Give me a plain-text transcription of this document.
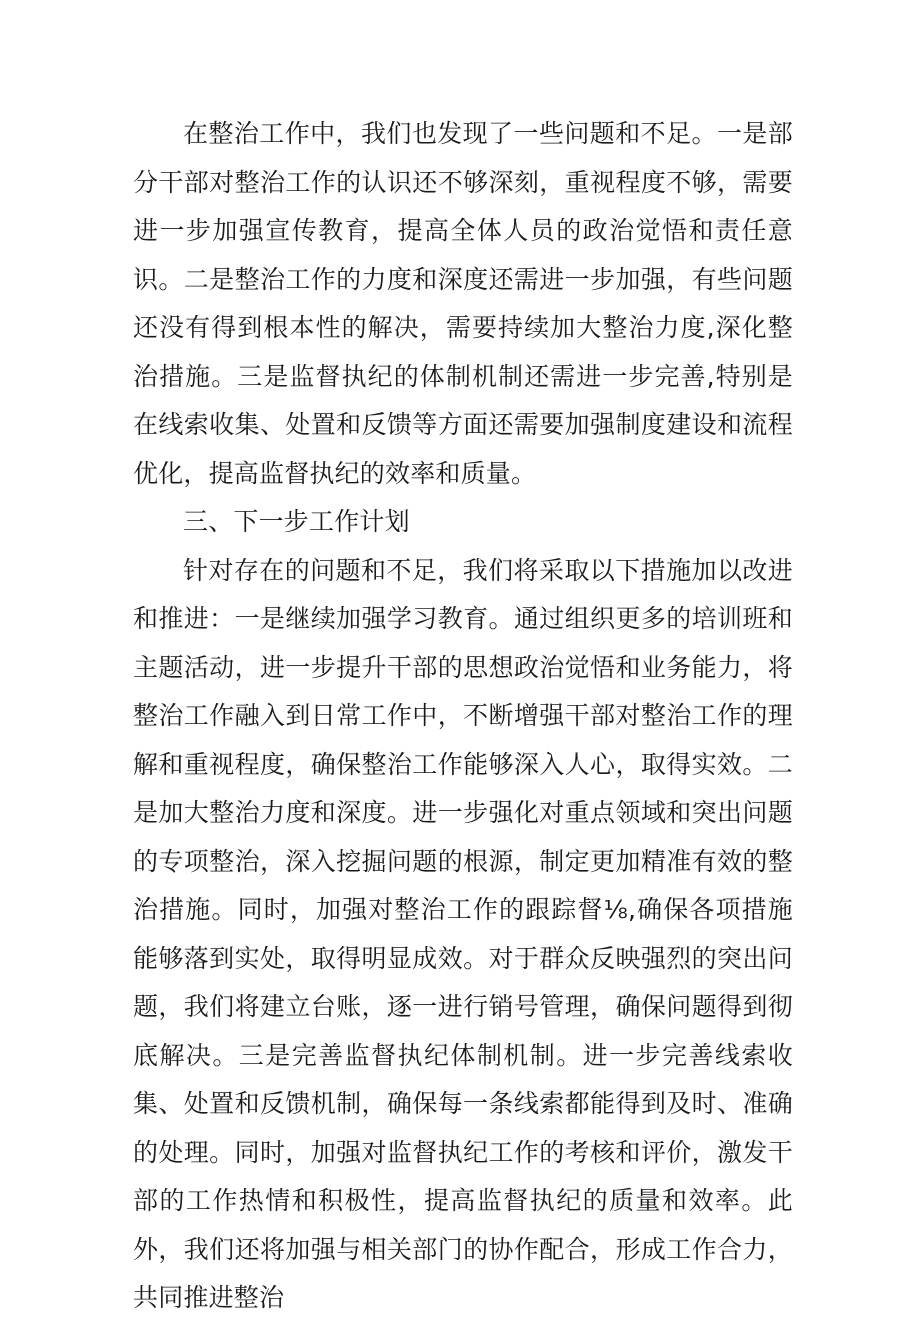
在整治工作中，我们也发现了一些问题和不足。一是部分干部对整治工作的认识还不够深刻，重视程度不够，需要进一步加强宣传教育，提高全体人员的政治觉悟和责任意识。二是整治工作的力度和深度还需进一步加强，有些问题还没有得到根本性的解决，需要持续加大整治力度,深化整治措施。三是监督执纪的体制机制还需进一步完善,特别是在线索收集、处置和反馈等方面还需要加强制度建设和流程优化，提高监督执纪的效率和质量。

三、下一步工作计划

针对存在的问题和不足，我们将采取以下措施加以改进和推进：一是继续加强学习教育。通过组织更多的培训班和主题活动，进一步提升干部的思想政治觉悟和业务能力，将整治工作融入到日常工作中，不断增强干部对整治工作的理解和重视程度，确保整治工作能够深入人心，取得实效。二是加大整治力度和深度。进一步强化对重点领域和突出问题的专项整治，深入挖掘问题的根源，制定更加精准有效的整治措施。同时，加强对整治工作的跟踪督⅛,确保各项措施能够落到实处，取得明显成效。对于群众反映强烈的突出问题，我们将建立台账，逐一进行销号管理，确保问题得到彻底解决。三是完善监督执纪体制机制。进一步完善线索收集、处置和反馈机制，确保每一条线索都能得到及时、准确的处理。同时，加强对监督执纪工作的考核和评价，激发干部的工作热情和积极性，提高监督执纪的质量和效率。此外，我们还将加强与相关部门的协作配合，形成工作合力，共同推进整治
